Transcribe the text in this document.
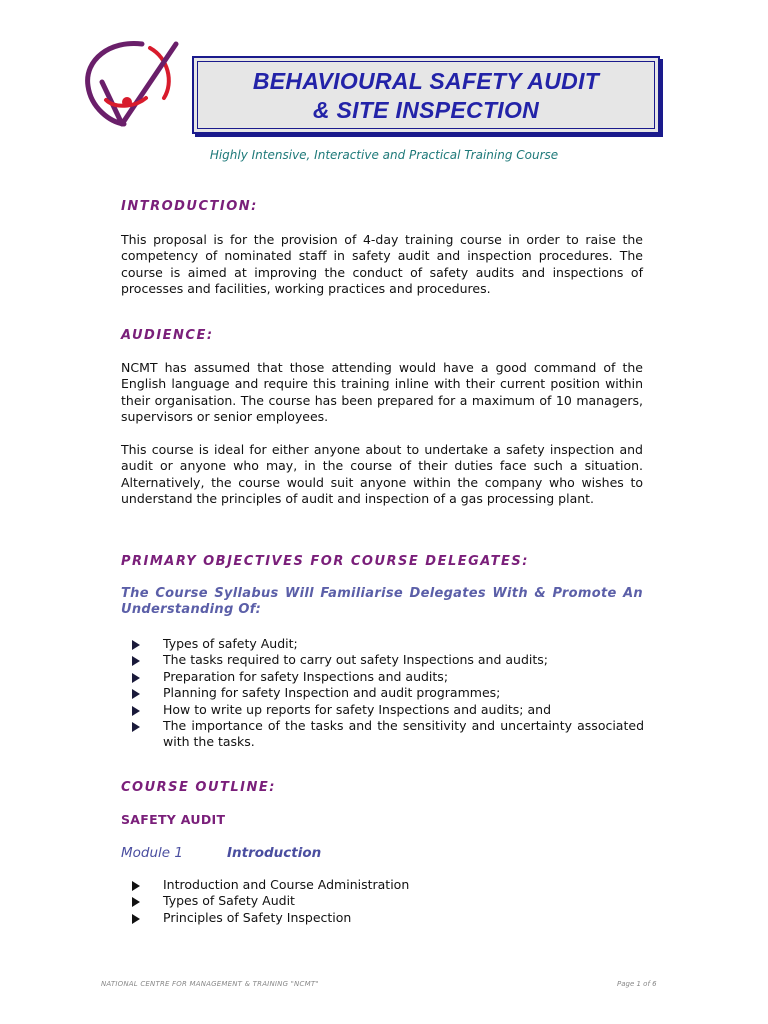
BEHAVIOURAL SAFETY AUDIT
& SITE INSPECTION
Highly Intensive, Interactive and Practical Training Course
INTRODUCTION:
This proposal is for the provision of 4-day training course in order to raise the competency of nominated staff in safety audit and inspection procedures. The course is aimed at improving the conduct of safety audits and inspections of processes and facilities, working practices and procedures.
AUDIENCE:
NCMT has assumed that those attending would have a good command of the English language and require this training inline with their current position within their organisation. The course has been prepared for a maximum of 10 managers, supervisors or senior employees.
This course is ideal for either anyone about to undertake a safety inspection and audit or anyone who may, in the course of their duties face such a situation. Alternatively, the course would suit anyone within the company who wishes to understand the principles of audit and inspection of a gas processing plant.
PRIMARY OBJECTIVES FOR COURSE DELEGATES:
The Course Syllabus Will Familiarise Delegates With & Promote An Understanding Of:
Types of safety Audit;
The tasks required to carry out safety Inspections and audits;
Preparation for safety Inspections and audits;
Planning for safety Inspection and audit programmes;
How to write up reports for safety Inspections and audits; and
The importance of the tasks and the sensitivity and uncertainty associated with the tasks.
COURSE OUTLINE:
SAFETY AUDIT
Module 1	Introduction
Introduction and Course Administration
Types of Safety Audit
Principles of Safety Inspection
NATIONAL CENTRE FOR MANAGEMENT & TRAINING "NCMT"	Page 1 of 6
